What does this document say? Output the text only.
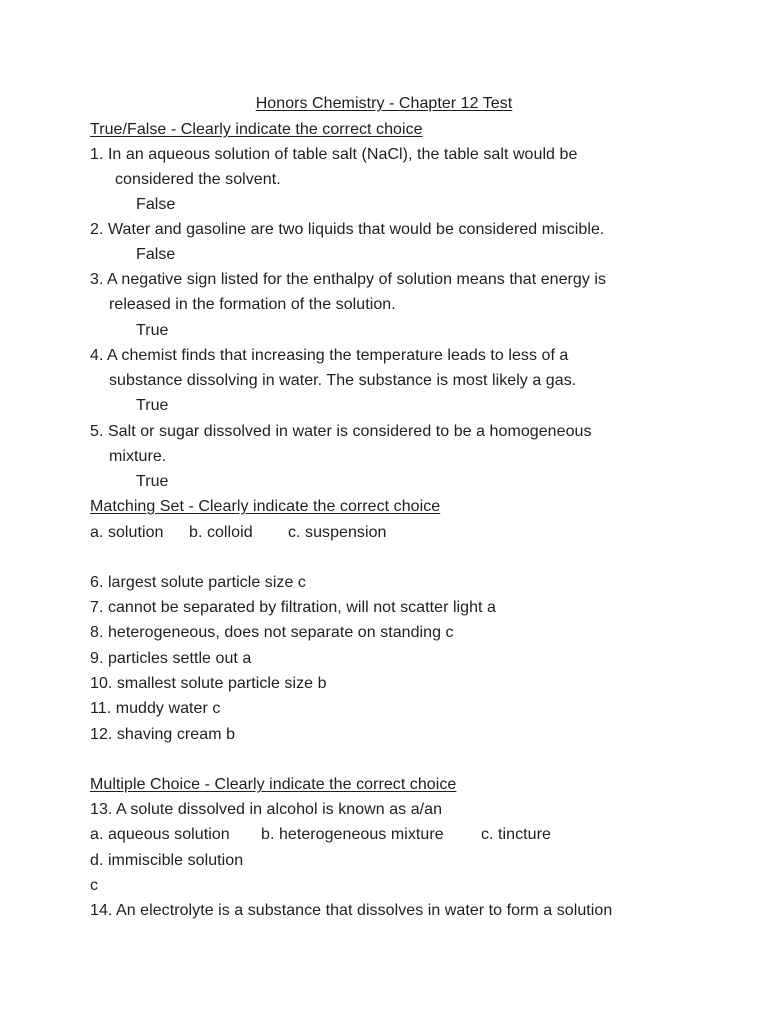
Honors Chemistry - Chapter 12 Test
True/False - Clearly indicate the correct choice
1. In an aqueous solution of table salt (NaCl), the table salt would be
considered the solvent.
False
2. Water and gasoline are two liquids that would be considered miscible.
False
3. A negative sign listed for the enthalpy of solution means that energy is
released in the formation of the solution.
True
4. A chemist finds that increasing the temperature leads to less of a
substance dissolving in water. The substance is most likely a gas.
True
5. Salt or sugar dissolved in water is considered to be a homogeneous
mixture.
True
Matching Set - Clearly indicate the correct choice
a. solution b. colloid c. suspension
6. largest solute particle size c
7. cannot be separated by filtration, will not scatter light a
8. heterogeneous, does not separate on standing c
9. particles settle out a
10. smallest solute particle size b
11. muddy water c
12. shaving cream b
Multiple Choice - Clearly indicate the correct choice
13. A solute dissolved in alcohol is known as a/an
a. aqueous solution b. heterogeneous mixture c. tincture
d. immiscible solution
c
14. An electrolyte is a substance that dissolves in water to form a solution
